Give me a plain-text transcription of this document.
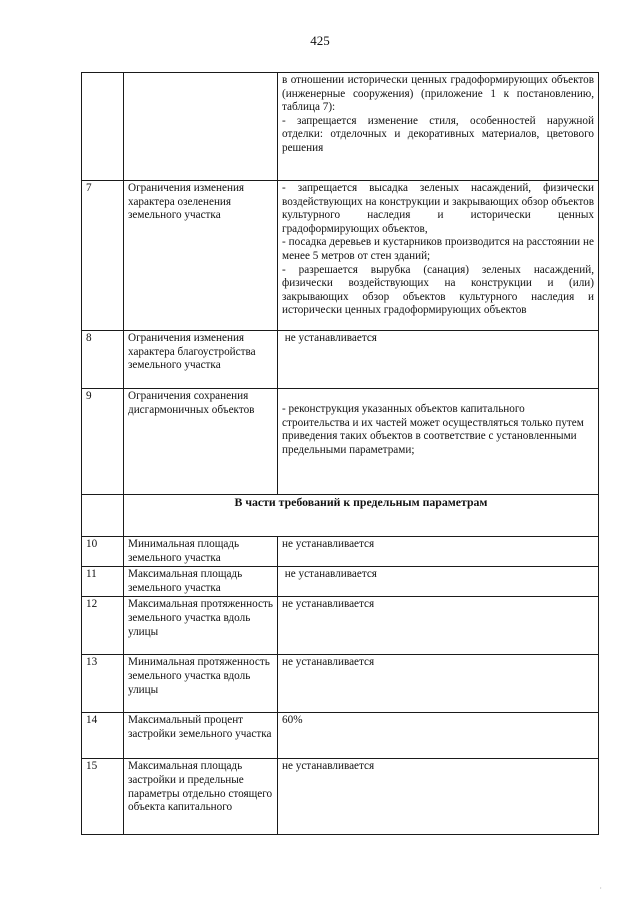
425

		в отношении исторически ценных градоформирующих объектов (инженерные сооружения) (приложение 1 к постановлению, таблица 7):

- запрещается изменение стиля, особенностей наружной отделки: отделочных и декоративных материалов, цветового решения

7	Ограничения изменения характера озеленения земельного участка	- запрещается высадка зеленых насаждений, физически воздействующих на конструкции и закрывающих обзор объектов культурного наследия и исторически ценных градоформирующих объектов,

- посадка деревьев и кустарников производится на расстоянии не менее 5 метров от стен зданий;

- разрешается вырубка (санация) зеленых насаждений, физически воздействующих на конструкции и (или) закрывающих обзор объектов культурного наследия и исторически ценных градоформирующих объектов

8	Ограничения изменения характера благоустройства земельного участка	не устанавливается

9	Ограничения сохранения дисгармоничных объектов	- реконструкция указанных объектов капитального строительства и их частей может осуществляться только путем приведения таких объектов в соответствие с установленными предельными параметрами;

	В части требований к предельным параметрам	
10	Минимальная площадь земельного участка	не устанавливается
11	Максимальная площадь земельного участка	не устанавливается
12	Максимальная протяженность земельного участка вдоль улицы	не устанавливается
13	Минимальная протяженность земельного участка вдоль улицы	не устанавливается
14	Максимальный процент застройки земельного участка	60%
15	Максимальная площадь застройки и предельные параметры отдельно стоящего объекта капитального	не устанавливается
·
